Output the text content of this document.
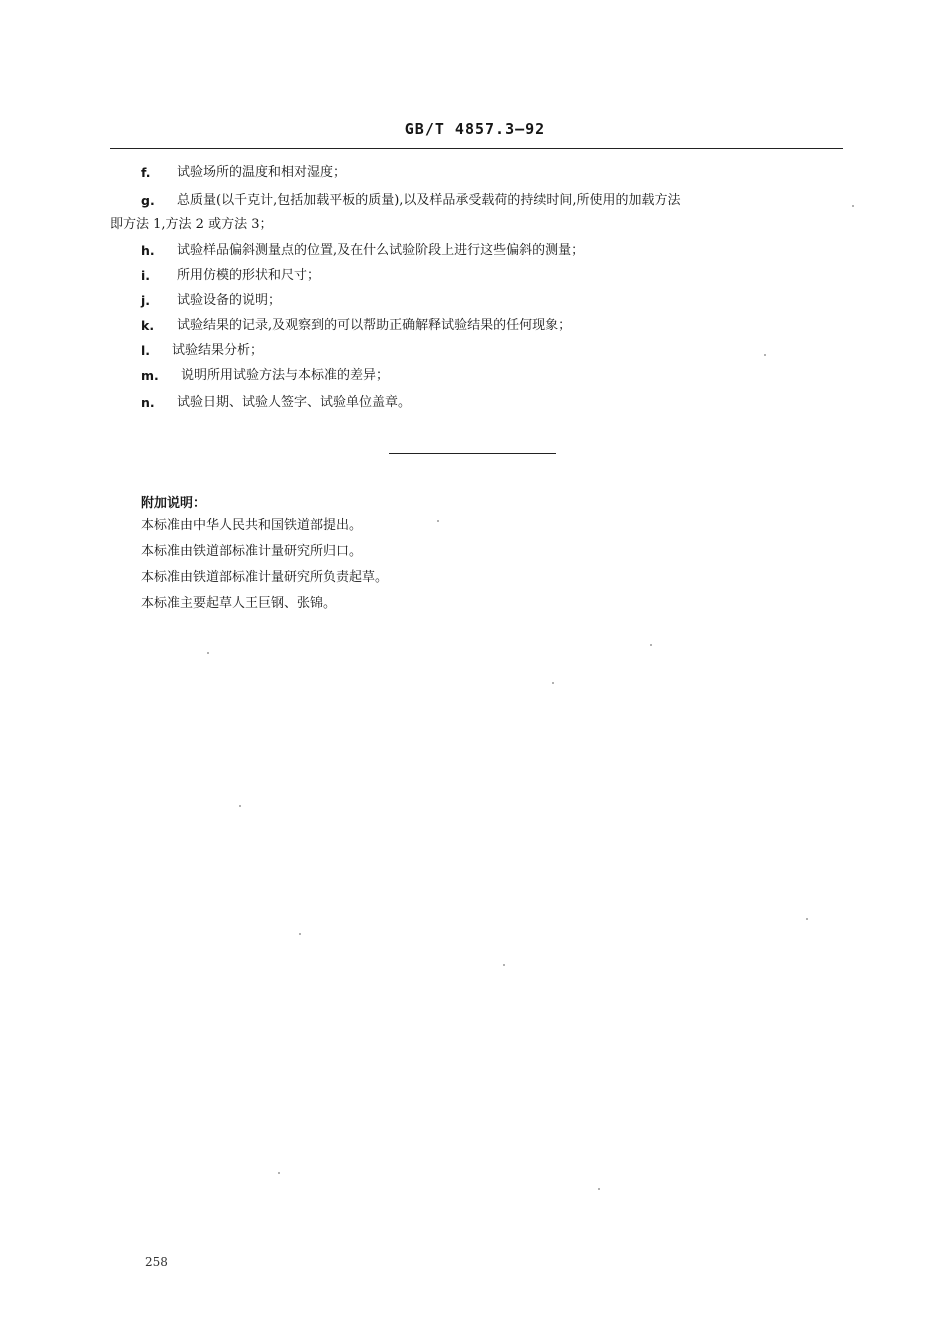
GB/T 4857.3—92
f. 试验场所的温度和相对湿度；
g. 总质量(以千克计,包括加载平板的质量),以及样品承受载荷的持续时间,所使用的加载方法
即方法 1,方法 2 或方法 3；
h. 试验样品偏斜测量点的位置,及在什么试验阶段上进行这些偏斜的测量；
i. 所用仿模的形状和尺寸；
j. 试验设备的说明；
k. 试验结果的记录,及观察到的可以帮助正确解释试验结果的任何现象；
l. 试验结果分析；
m. 说明所用试验方法与本标准的差异；
n. 试验日期、试验人签字、试验单位盖章。
附加说明：
本标准由中华人民共和国铁道部提出。
本标准由铁道部标准计量研究所归口。
本标准由铁道部标准计量研究所负责起草。
本标准主要起草人王巨钢、张锦。
258
